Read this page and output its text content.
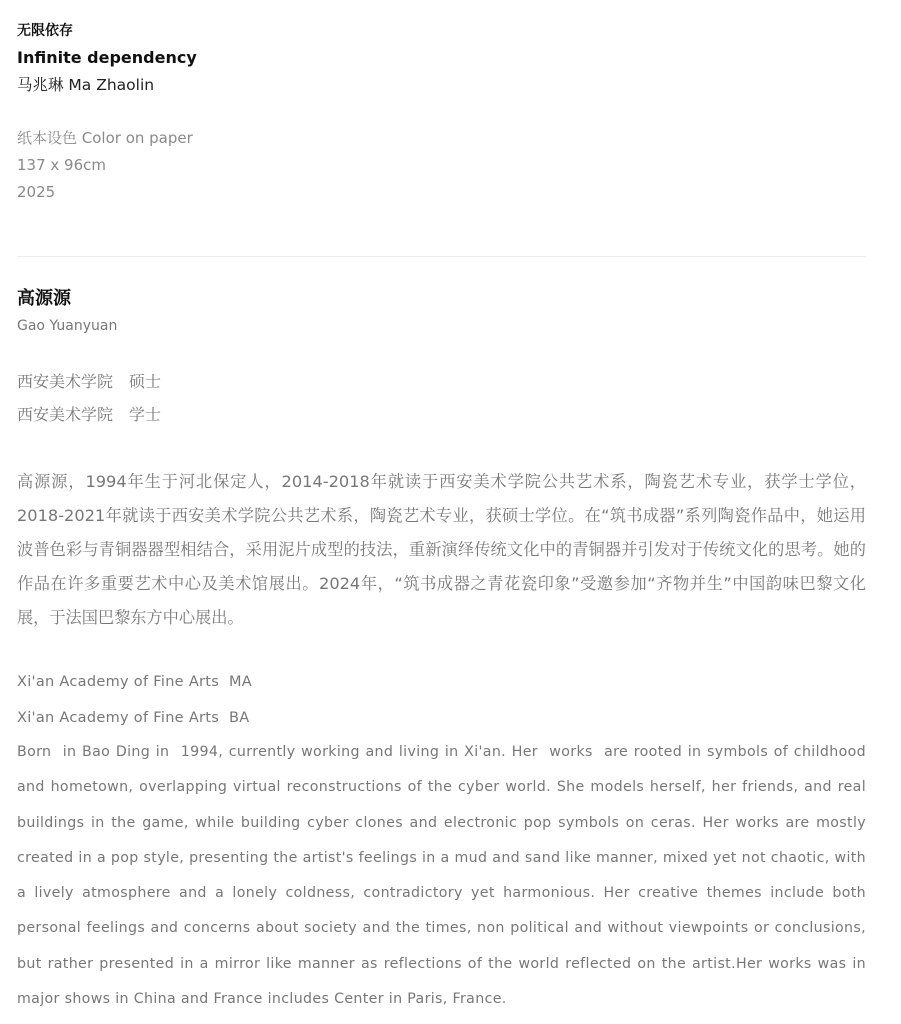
无限依存
Infinite dependency
马兆琳 Ma Zhaolin
纸本设色 Color on paper
137 x 96cm
2025
高源源
Gao Yuanyuan
西安美术学院　硕士
西安美术学院　学士

高源源，1994年生于河北保定人，2014-2018年就读于西安美术学院公共艺术系，陶瓷艺术专业，获学士学位，2018-2021年就读于西安美术学院公共艺术系，陶瓷艺术专业，获硕士学位。在“筑书成器”系列陶瓷作品中，她运用波普色彩与青铜器器型相结合，采用泥片成型的技法，重新演绎传统文化中的青铜器并引发对于传统文化的思考。她的作品在许多重要艺术中心及美术馆展出。2024年，“筑书成器之青花瓷印象”受邀参加“齐物并生”中国韵味巴黎文化展，于法国巴黎东方中心展出。

Xi'an Academy of Fine Arts  MA
Xi'an Academy of Fine Arts  BA

Born  in Bao Ding in  1994, currently working and living in Xi'an. Her  works  are rooted in symbols of childhood and hometown, overlapping virtual reconstructions of the cyber world. She models herself, her friends, and real buildings in the game, while building cyber clones and electronic pop symbols on ceras. Her works are mostly created in a pop style, presenting the artist's feelings in a mud and sand like manner, mixed yet not chaotic, with a lively atmosphere and a lonely coldness, contradictory yet harmonious. Her creative themes include both personal feelings and concerns about society and the times, non political and without viewpoints or conclusions, but rather presented in a mirror like manner as reflections of the world reflected on the artist.Her works was in major shows in China and France includes Center in Paris, France.
